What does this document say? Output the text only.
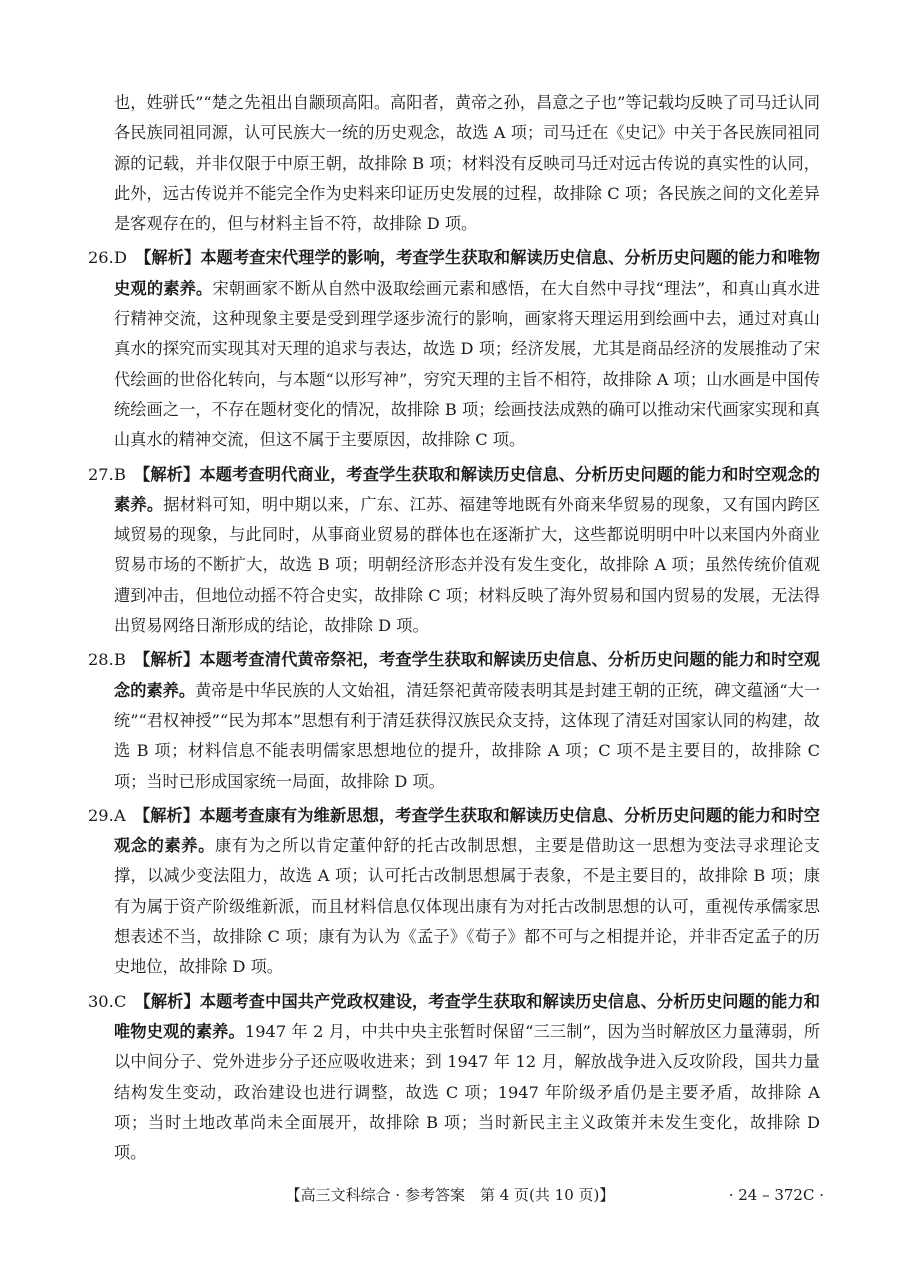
也，姓骈氏”“楚之先祖出自颛顼高阳。高阳者，黄帝之孙，昌意之子也”等记载均反映了司马迁认同各民族同祖同源，认可民族大一统的历史观念，故选 A 项；司马迁在《史记》中关于各民族同祖同源的记载，并非仅限于中原王朝，故排除 B 项；材料没有反映司马迁对远古传说的真实性的认同，此外，远古传说并不能完全作为史料来印证历史发展的过程，故排除 C 项；各民族之间的文化差异是客观存在的，但与材料主旨不符，故排除 D 项。
26. D 【解析】本题考查宋代理学的影响，考查学生获取和解读历史信息、分析历史问题的能力和唯物史观的素养。宋朝画家不断从自然中汲取绘画元素和感悟，在大自然中寻找“理法”，和真山真水进行精神交流，这种现象主要是受到理学逐步流行的影响，画家将天理运用到绘画中去，通过对真山真水的探究而实现其对天理的追求与表达，故选 D 项；经济发展，尤其是商品经济的发展推动了宋代绘画的世俗化转向，与本题“以形写神”，穷究天理的主旨不相符，故排除 A 项；山水画是中国传统绘画之一，不存在题材变化的情况，故排除 B 项；绘画技法成熟的确可以推动宋代画家实现和真山真水的精神交流，但这不属于主要原因，故排除 C 项。
27. B 【解析】本题考查明代商业，考查学生获取和解读历史信息、分析历史问题的能力和时空观念的素养。据材料可知，明中期以来，广东、江苏、福建等地既有外商来华贸易的现象，又有国内跨区域贸易的现象，与此同时，从事商业贸易的群体也在逐渐扩大，这些都说明明中叶以来国内外商业贸易市场的不断扩大，故选 B 项；明朝经济形态并没有发生变化，故排除 A 项；虽然传统价值观遭到冲击，但地位动摇不符合史实，故排除 C 项；材料反映了海外贸易和国内贸易的发展，无法得出贸易网络日渐形成的结论，故排除 D 项。
28. B 【解析】本题考查清代黄帝祭祀，考查学生获取和解读历史信息、分析历史问题的能力和时空观念的素养。黄帝是中华民族的人文始祖，清廷祭祀黄帝陵表明其是封建王朝的正统，碑文蕴涵“大一统”“君权神授”“民为邦本”思想有利于清廷获得汉族民众支持，这体现了清廷对国家认同的构建，故选 B 项；材料信息不能表明儒家思想地位的提升，故排除 A 项；C 项不是主要目的，故排除 C 项；当时已形成国家统一局面，故排除 D 项。
29. A 【解析】本题考查康有为维新思想，考查学生获取和解读历史信息、分析历史问题的能力和时空观念的素养。康有为之所以肯定董仲舒的托古改制思想，主要是借助这一思想为变法寻求理论支撑，以减少变法阻力，故选 A 项；认可托古改制思想属于表象，不是主要目的，故排除 B 项；康有为属于资产阶级维新派，而且材料信息仅体现出康有为对托古改制思想的认可，重视传承儒家思想表述不当，故排除 C 项；康有为认为《孟子》《荀子》都不可与之相提并论，并非否定孟子的历史地位，故排除 D 项。
30. C 【解析】本题考查中国共产党政权建设，考查学生获取和解读历史信息、分析历史问题的能力和唯物史观的素养。1947 年 2 月，中共中央主张暂时保留“三三制”，因为当时解放区力量薄弱，所以中间分子、党外进步分子还应吸收进来；到 1947 年 12 月，解放战争进入反攻阶段，国共力量结构发生变动，政治建设也进行调整，故选 C 项；1947 年阶级矛盾仍是主要矛盾，故排除 A 项；当时土地改革尚未全面展开，故排除 B 项；当时新民主主义政策并未发生变化，故排除 D 项。
【高三文科综合 · 参考答案　第 4 页(共 10 页)】	· 24 – 372C ·
